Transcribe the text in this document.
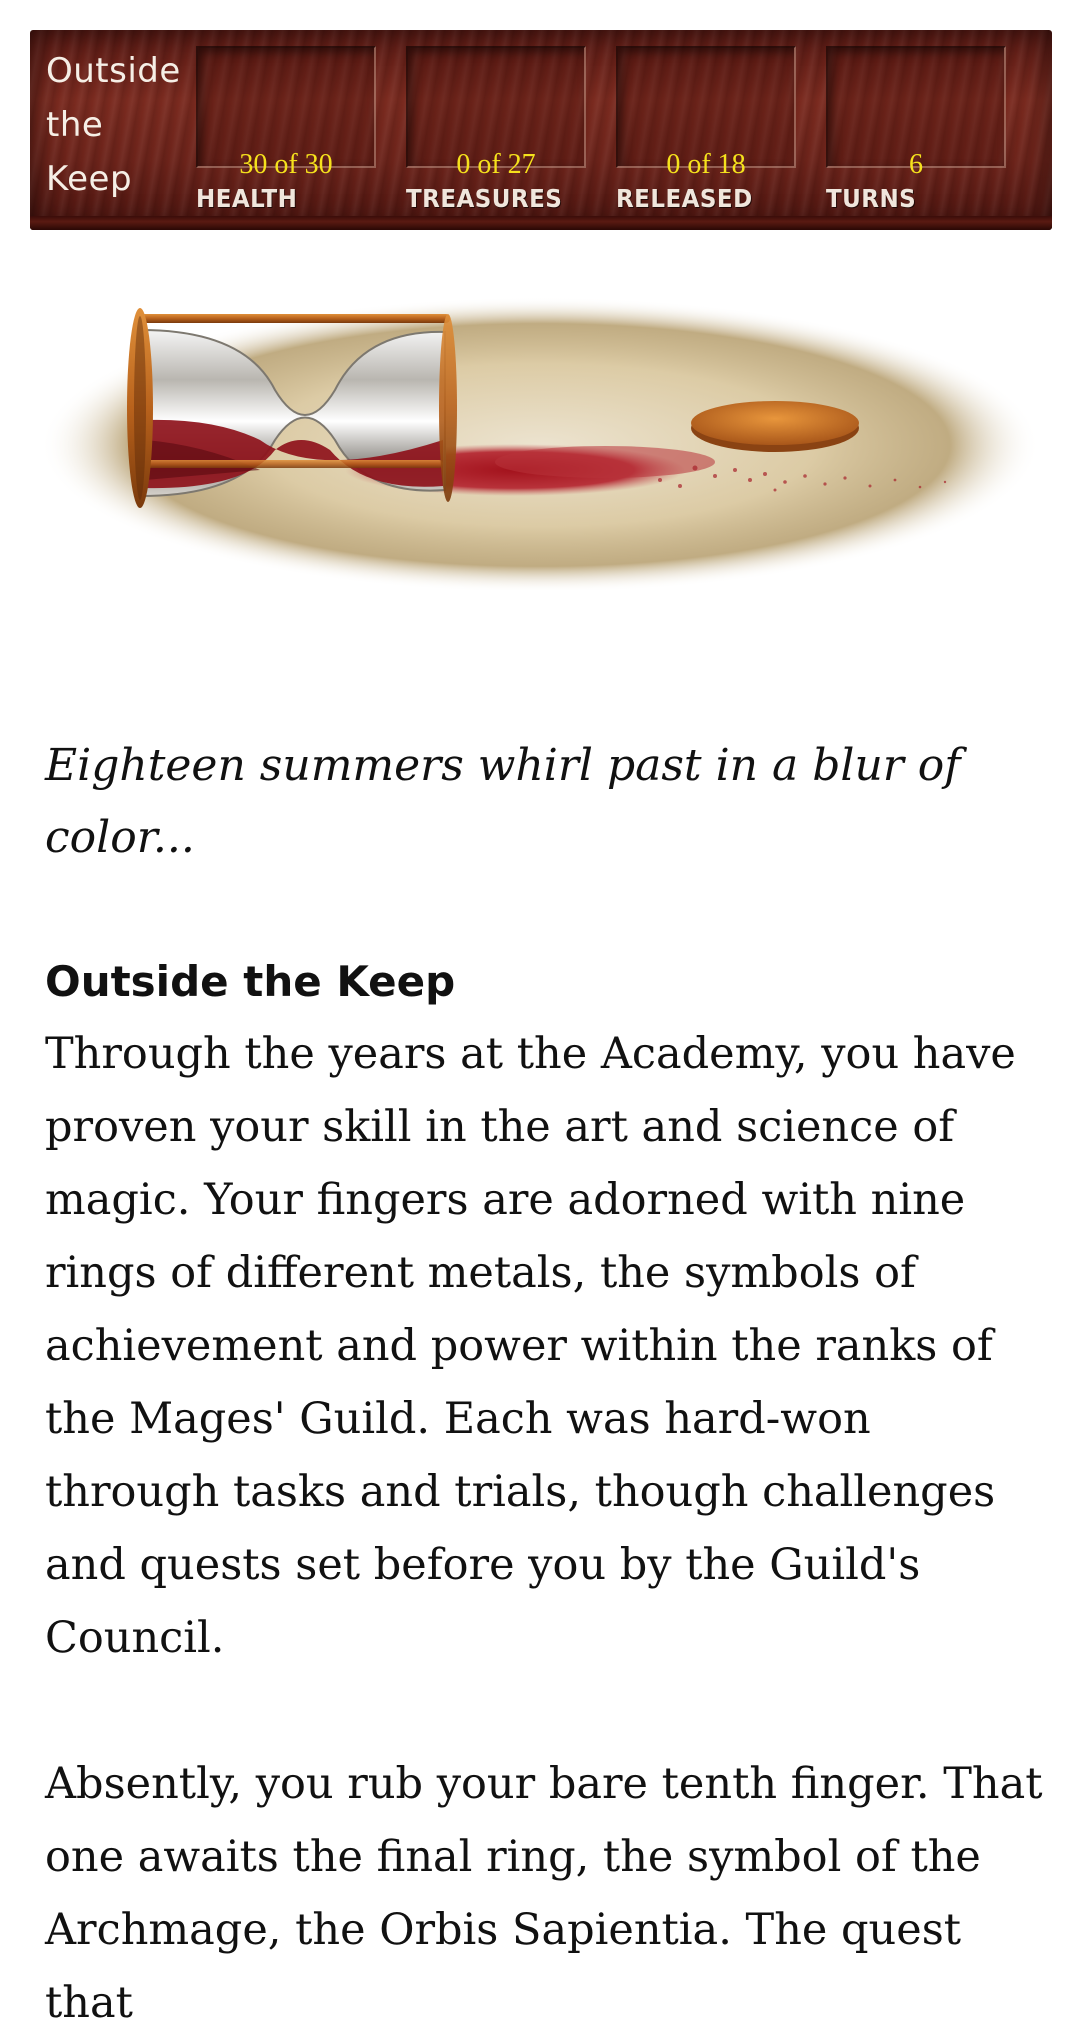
Outside the Keep	30 of 30
HEALTH
0 of 27
TREASURES
0 of 18
RELEASED
6
TURNS

Eighteen summers whirl past in a blur of color...

Outside the Keep

Through the years at the Academy, you have proven your skill in the art and science of magic. Your fingers are adorned with nine rings of different metals, the symbols of achievement and power within the ranks of the Mages' Guild. Each was hard-won through tasks and trials, though challenges and quests set before you by the Guild's Council.

Absently, you rub your bare tenth finger. That one awaits the final ring, the symbol of the Archmage, the Orbis Sapientia. The quest that
